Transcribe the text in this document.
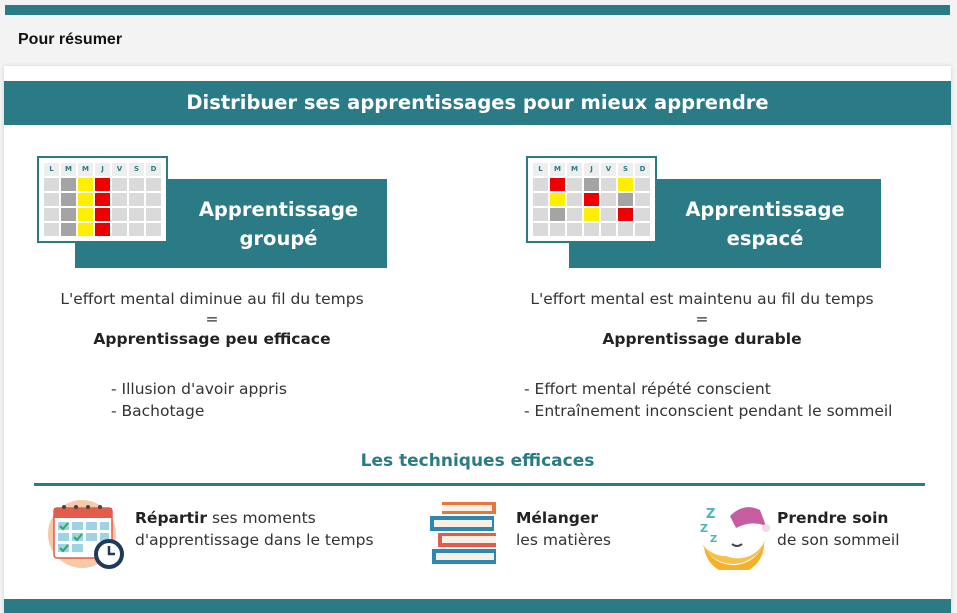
Pour résumer
Distribuer ses apprentissages pour mieux apprendre
Apprentissage
groupé
L	M	M	J	V	S	D
L'effort mental diminue au fil du temps
=
Apprentissage peu efficace
- Illusion d'avoir appris
- Bachotage
Apprentissage
espacé
L	M	M	J	V	S	D
L'effort mental est maintenu au fil du temps
=
Apprentissage durable
- Effort mental répété conscient
- Entraînement inconscient pendant le sommeil
Les techniques efficaces
Répartir ses moments
d'apprentissage dans le temps
Mélanger
les matières
Z
Z
Z
Prendre soin
de son sommeil
